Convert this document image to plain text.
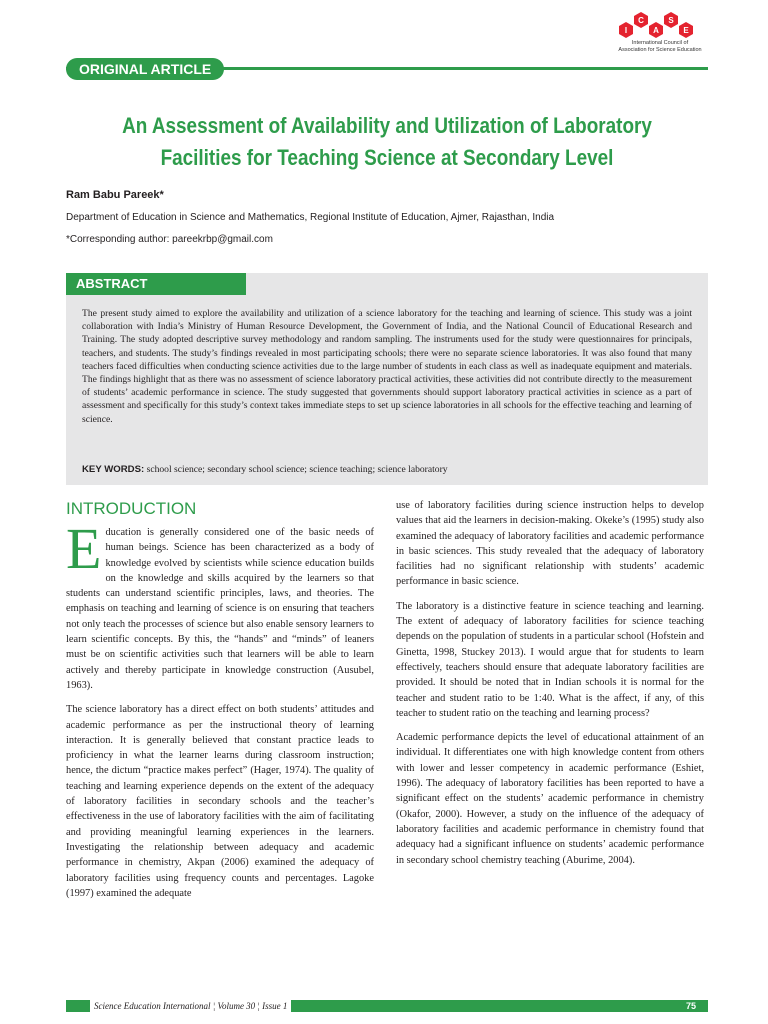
I
C
A
S
E
International Council of
Association for Science Education
ORIGINAL ARTICLE
An Assessment of Availability and Utilization of Laboratory
Facilities for Teaching Science at Secondary Level
Ram Babu Pareek*
Department of Education in Science and Mathematics, Regional Institute of Education, Ajmer, Rajasthan, India
*Corresponding author: pareekrbp@gmail.com
ABSTRACT

The present study aimed to explore the availability and utilization of a science laboratory for the teaching and learning of science. This study was a joint collaboration with India’s Ministry of Human Resource Development, the Government of India, and the National Council of Educational Research and Training. The study adopted descriptive survey methodology and random sampling. The instruments used for the study were questionnaires for principals, teachers, and students. The study’s findings revealed in most participating schools; there were no separate science laboratories. It was also found that many teachers faced difficulties when conducting science activities due to the large number of students in each class as well as inadequate equipment and materials. The findings highlight that as there was no assessment of science laboratory practical activities, these activities did not contribute directly to the measurement of students’ academic performance in science. The study suggested that governments should support laboratory practical activities in science as a part of assessment and specifically for this study’s context takes immediate steps to set up science laboratories in all schools for the effective teaching and learning of science.

KEY WORDS: school science; secondary school science; science teaching; science laboratory

INTRODUCTION

Education is generally considered one of the basic needs of human beings. Science has been characterized as a body of knowledge evolved by scientists while science education builds on the knowledge and skills acquired by the learners so that students can understand scientific principles, laws, and theories. The emphasis on teaching and learning of science is on ensuring that teachers not only teach the processes of science but also enable sensory learners to learn scientific concepts. By this, the “hands” and “minds” of leaners must be on scientific activities such that learners will be able to learn actively and thereby participate in knowledge construction (Ausubel, 1963).

The science laboratory has a direct effect on both students’ attitudes and academic performance as per the instructional theory of learning interaction. It is generally believed that constant practice leads to proficiency in what the learner learns during classroom instruction; hence, the dictum “practice makes perfect” (Hager, 1974). The quality of teaching and learning experience depends on the extent of the adequacy of laboratory facilities in secondary schools and the teacher’s effectiveness in the use of laboratory facilities with the aim of facilitating and providing meaningful learning experiences in the learners. Investigating the relationship between adequacy and academic performance in chemistry, Akpan (2006) examined the adequacy of laboratory facilities using frequency counts and percentages. Lagoke (1997) examined the adequate

use of laboratory facilities during science instruction helps to develop values that aid the learners in decision-making. Okeke’s (1995) study also examined the adequacy of laboratory facilities and academic performance in basic sciences. This study revealed that the adequacy of laboratory facilities had no significant relationship with students’ academic performance in basic science.

The laboratory is a distinctive feature in science teaching and learning. The extent of adequacy of laboratory facilities for science teaching depends on the population of students in a particular school (Hofstein and Ginetta, 1998, Stuckey 2013). I would argue that for students to learn effectively, teachers should ensure that adequate laboratory facilities are provided. It should be noted that in Indian schools it is normal for the teacher and student ratio to be 1:40. What is the affect, if any, of this teacher to student ratio on the teaching and learning process?

Academic performance depicts the level of educational attainment of an individual. It differentiates one with high knowledge content from others with lower and lesser competency in academic performance (Eshiet, 1996). The adequacy of laboratory facilities has been reported to have a significant effect on the students’ academic performance in chemistry (Okafor, 2000). However, a study on the influence of the adequacy of laboratory facilities and academic performance in chemistry found that adequacy had a significant influence on students’ academic performance in secondary school chemistry teaching (Aburime, 2004).

Science Education International ¦ Volume 30 ¦ Issue 1	75
